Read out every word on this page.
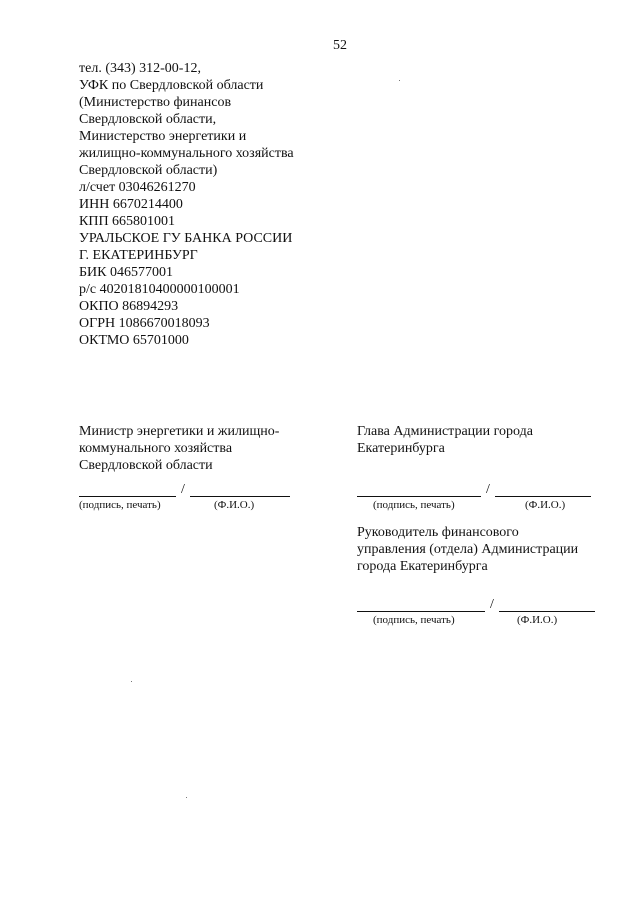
52
тел. (343) 312-00-12,
УФК по Свердловской области
(Министерство финансов
Свердловской области,
Министерство энергетики и
жилищно-коммунального хозяйства
Свердловской области)
л/счет 03046261270
ИНН 6670214400
КПП 665801001
УРАЛЬСКОЕ ГУ БАНКА РОССИИ
Г. ЕКАТЕРИНБУРГ
БИК 046577001
р/с 40201810400000100001
ОКПО 86894293
ОГРН 1086670018093
ОКТМО 65701000
Министр энергетики и жилищно-
коммунального хозяйства
Свердловской области
/
(подпись, печать)	(Ф.И.О.)
Глава Администрации города
Екатеринбурга
/
(подпись, печать)	(Ф.И.О.)
Руководитель финансового
управления (отдела) Администрации
города Екатеринбурга
/
(подпись, печать)	(Ф.И.О.)
